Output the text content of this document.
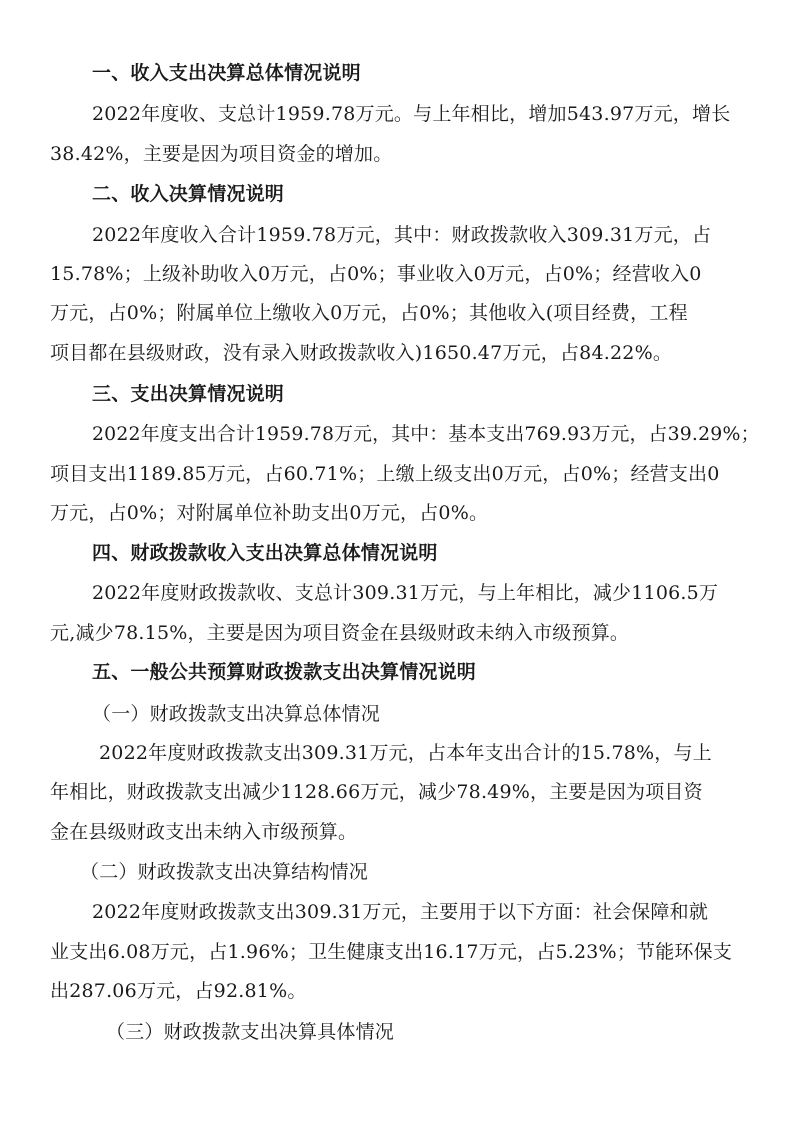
一、收入支出决算总体情况说明
2022年度收、支总计1959.78万元。与上年相比，增加543.97万元，增长
38.42%，主要是因为项目资金的增加。
二、收入决算情况说明
2022年度收入合计1959.78万元，其中：财政拨款收入309.31万元，占
15.78%；上级补助收入0万元，占0%；事业收入0万元，占0%；经营收入0
万元，占0%；附属单位上缴收入0万元，占0%；其他收入(项目经费，工程
项目都在县级财政，没有录入财政拨款收入)1650.47万元，占84.22%。
三、支出决算情况说明
2022年度支出合计1959.78万元，其中：基本支出769.93万元，占39.29%；
项目支出1189.85万元，占60.71%；上缴上级支出0万元，占0%；经营支出0
万元，占0%；对附属单位补助支出0万元，占0%。
四、财政拨款收入支出决算总体情况说明
2022年度财政拨款收、支总计309.31万元，与上年相比，减少1106.5万
元,减少78.15%，主要是因为项目资金在县级财政未纳入市级预算。
五、一般公共预算财政拨款支出决算情况说明
（一）财政拨款支出决算总体情况
2022年度财政拨款支出309.31万元，占本年支出合计的15.78%，与上
年相比，财政拨款支出减少1128.66万元，减少78.49%，主要是因为项目资
金在县级财政支出未纳入市级预算。
（二）财政拨款支出决算结构情况
2022年度财政拨款支出309.31万元，主要用于以下方面：社会保障和就
业支出6.08万元，占1.96%；卫生健康支出16.17万元，占5.23%；节能环保支
出287.06万元，占92.81%。
（三）财政拨款支出决算具体情况
